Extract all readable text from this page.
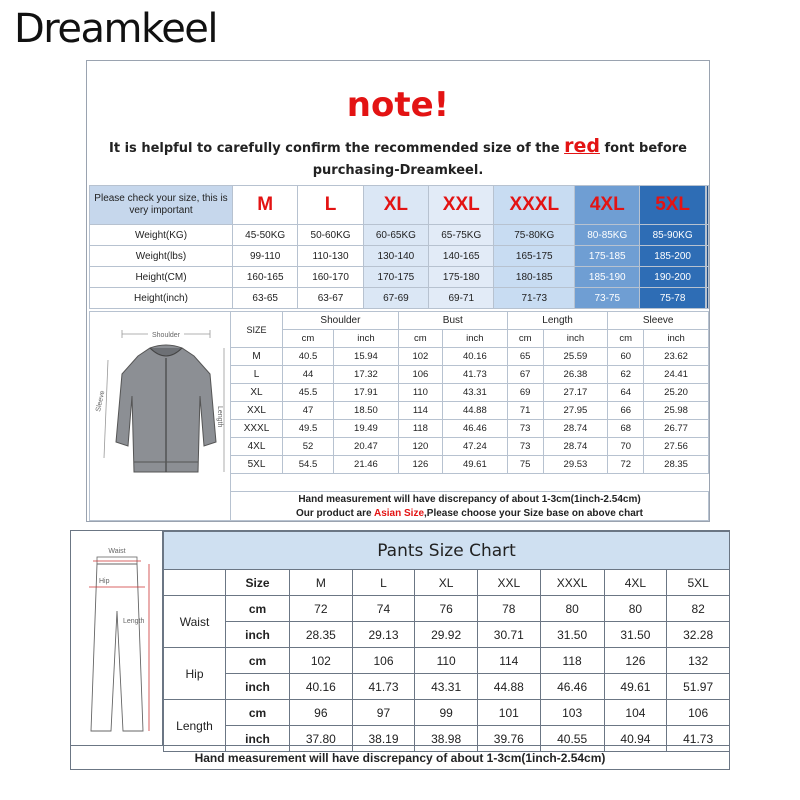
Dreamkeel
note!
It is helpful to carefully confirm the recommended size of the red font before
purchasing-Dreamkeel.
Please check your size, this is very important	M	L	XL	XXL	XXXL	4XL	5XL		
Weight(KG)	45-50KG	50-60KG	60-65KG	65-75KG	75-80KG	80-85KG	85-90KG		
Weight(lbs)	99-110	110-130	130-140	140-165	165-175	175-185	185-200		
Height(CM)	160-165	160-170	170-175	175-180	180-185	185-190	190-200		
Height(inch)	63-65	63-67	67-69	69-71	71-73	73-75	75-78		
Shoulder
Sleeve
Length
SIZE	Shoulder		Bust		Length		Sleeve	
	cm	inch	cm	inch	cm	inch	cm	inch
M	40.5	15.94	102	40.16	65	25.59	60	23.62
L	44	17.32	106	41.73	67	26.38	62	24.41
XL	45.5	17.91	110	43.31	69	27.17	64	25.20
XXL	47	18.50	114	44.88	71	27.95	66	25.98
XXXL	49.5	19.49	118	46.46	73	28.74	68	26.77
4XL	52	20.47	120	47.24	73	28.74	70	27.56
5XL	54.5	21.46	126	49.61	75	29.53	72	28.35
Hand measurement will have discrepancy of about 1-3cm(1inch-2.54cm)
Our product are Asian Size,Please choose your Size base on above chart
Waist
Hip
Length
Pants Size Chart								
	Size	M	L	XL	XXL	XXXL	4XL	5XL
Waist	cm	72	74	76	78	80	80	82
	inch	28.35	29.13	29.92	30.71	31.50	31.50	32.28
Hip	cm	102	106	110	114	118	126	132
	inch	40.16	41.73	43.31	44.88	46.46	49.61	51.97
Length	cm	96	97	99	101	103	104	106
	inch	37.80	38.19	38.98	39.76	40.55	40.94	41.73
Hand measurement will have discrepancy of about 1-3cm(1inch-2.54cm)
